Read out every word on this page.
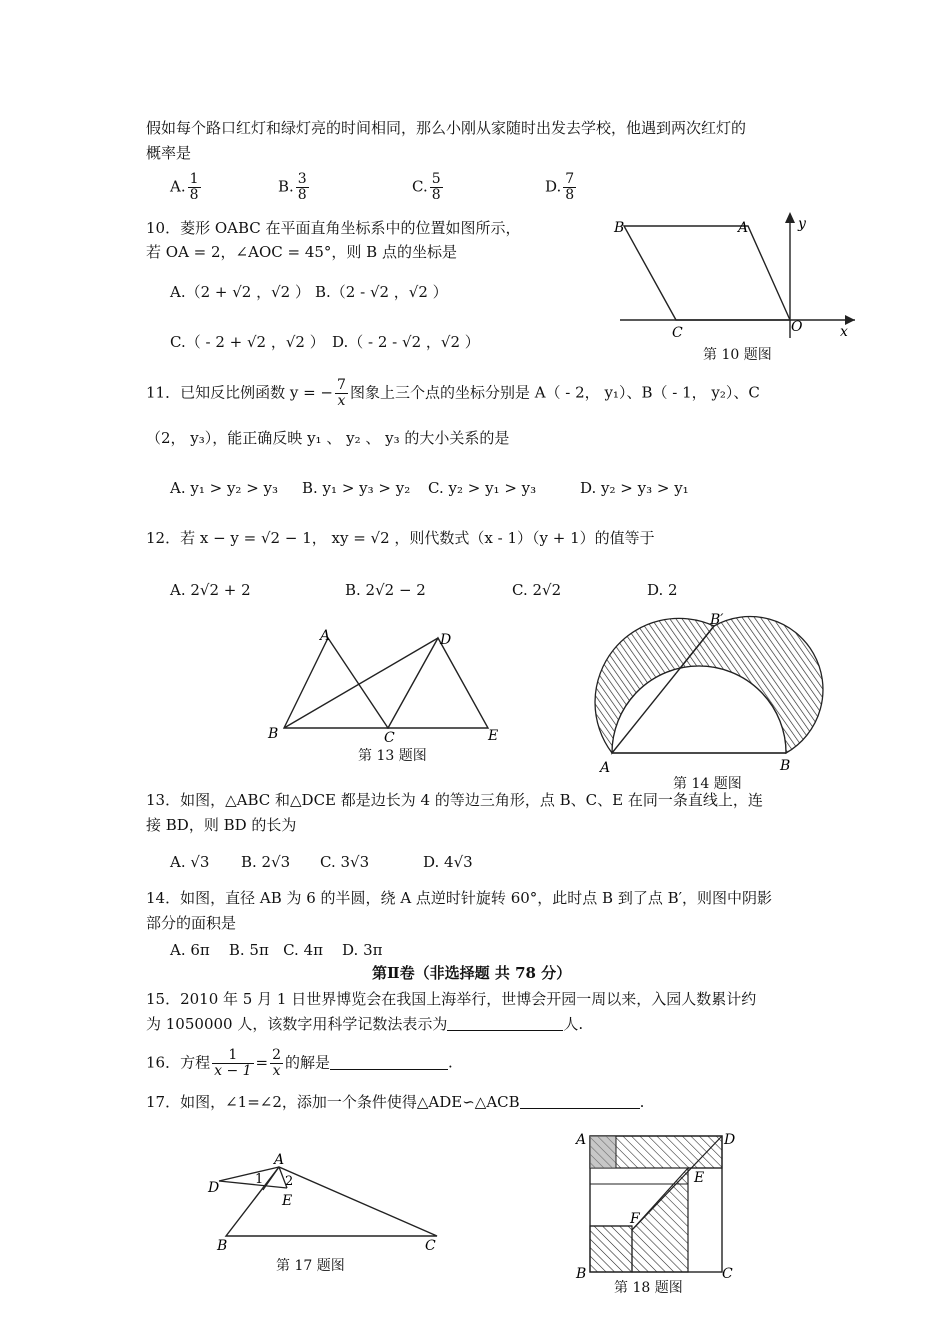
假如每个路口红灯和绿灯亮的时间相同，那么小刚从家随时出发去学校，他遇到两次红灯的
概率是
A. $\frac{1}{8}$	B. $\frac{3}{8}$	C. $\frac{5}{8}$	D. $\frac{7}{8}$
10．菱形 OABC 在平面直角坐标系中的位置如图所示，
若 OA = 2，∠AOC = 45°，则 B 点的坐标是
A.（2 + √2 ，√2 ） B.（2 - √2 ，√2 ）
C.（ - 2 + √2 ，√2 ） D.（ - 2 - √2 ，√2 ）
B	A
C	O	x
y
第 10 题图
11．已知反比例函数 y = − $\frac{7}{x}$ 图象上三个点的坐标分别是 A（ - 2， y₁）、B（ - 1， y₂）、C
（2， y₃），能正确反映 y₁ 、 y₂ 、 y₃ 的大小关系的是
A. y₁ > y₂ > y₃ B. y₁ > y₃ > y₂ C. y₂ > y₁ > y₃	D. y₂ > y₃ > y₁
12．若 x − y = √2 − 1， xy = √2 ，则代数式（x - 1）（y + 1）的值等于
A. 2√2 + 2	B. 2√2 − 2	C. 2√2	D. 2
A	D
B	C	E
第 13 题图
B′
A	B
第 14 题图
13．如图，△ABC 和△DCE 都是边长为 4 的等边三角形，点 B、C、E 在同一条直线上，连
接 BD，则 BD 的长为
A. √3 B. 2√3 C. 3√3	D. 4√3
14．如图，直径 AB 为 6 的半圆，绕 A 点逆时针旋转 60°，此时点 B 到了点 B′，则图中阴影
部分的面积是
A. 6π    B. 5π   C. 4π    D. 3π
第Ⅱ卷（非选择题 共 78 分）
15．2010 年 5 月 1 日世界博览会在我国上海举行，世博会开园一周以来，入园人数累计约
为 1050000 人，该数字用科学记数法表示为	人.
16．方程 $\frac{1}{x - 1} = \frac{2}{x}$ 的解是	.
17．如图，∠1=∠2，添加一个条件使得△ADE∽△ACB	.
A
D
E
B	C
1 2
第 17 题图
A	D
E
F
B	C
第 18 题图
